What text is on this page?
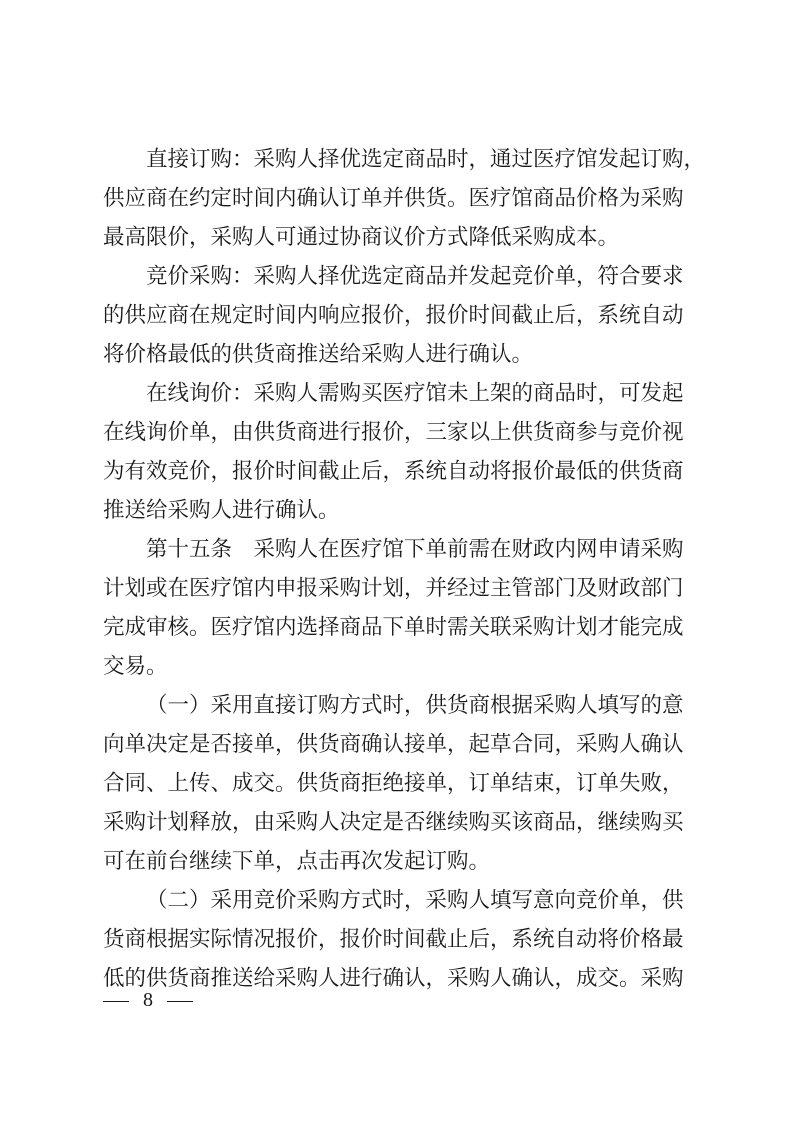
直接订购：采购人择优选定商品时，通过医疗馆发起订购，
供应商在约定时间内确认订单并供货。医疗馆商品价格为采购
最高限价，采购人可通过协商议价方式降低采购成本。
竞价采购：采购人择优选定商品并发起竞价单，符合要求
的供应商在规定时间内响应报价，报价时间截止后，系统自动
将价格最低的供货商推送给采购人进行确认。
在线询价：采购人需购买医疗馆未上架的商品时，可发起
在线询价单，由供货商进行报价，三家以上供货商参与竞价视
为有效竞价，报价时间截止后，系统自动将报价最低的供货商
推送给采购人进行确认。
第十五条　采购人在医疗馆下单前需在财政内网申请采购
计划或在医疗馆内申报采购计划，并经过主管部门及财政部门
完成审核。医疗馆内选择商品下单时需关联采购计划才能完成
交易。
（一）采用直接订购方式时，供货商根据采购人填写的意
向单决定是否接单，供货商确认接单，起草合同，采购人确认
合同、上传、成交。供货商拒绝接单，订单结束，订单失败，
采购计划释放，由采购人决定是否继续购买该商品，继续购买
可在前台继续下单，点击再次发起订购。
（二）采用竞价采购方式时，采购人填写意向竞价单，供
货商根据实际情况报价，报价时间截止后，系统自动将价格最
低的供货商推送给采购人进行确认，采购人确认，成交。采购
8
